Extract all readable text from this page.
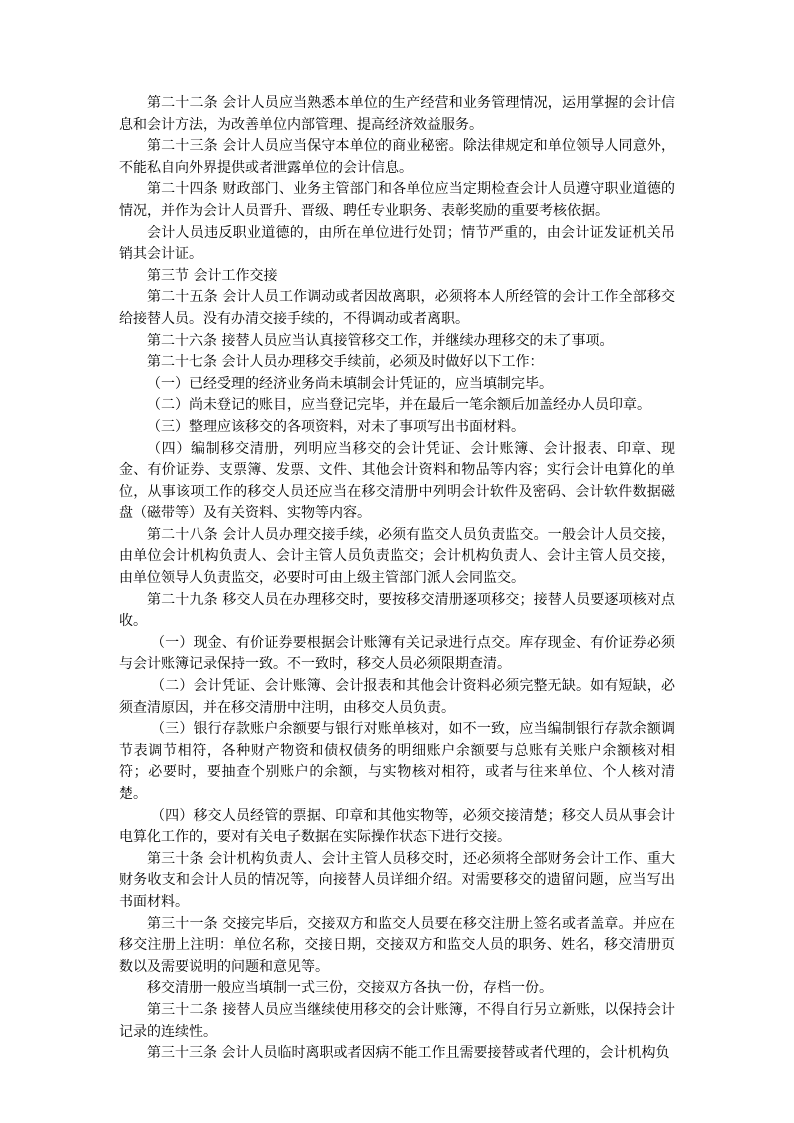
第二十二条 会计人员应当熟悉本单位的生产经营和业务管理情况，运用掌握的会计信息和会计方法，为改善单位内部管理、提高经济效益服务。

第二十三条 会计人员应当保守本单位的商业秘密。除法律规定和单位领导人同意外，不能私自向外界提供或者泄露单位的会计信息。

第二十四条 财政部门、业务主管部门和各单位应当定期检查会计人员遵守职业道德的情况，并作为会计人员晋升、晋级、聘任专业职务、表彰奖励的重要考核依据。

会计人员违反职业道德的，由所在单位进行处罚；情节严重的，由会计证发证机关吊销其会计证。

第三节 会计工作交接

第二十五条 会计人员工作调动或者因故离职，必须将本人所经管的会计工作全部移交给接替人员。没有办清交接手续的，不得调动或者离职。

第二十六条 接替人员应当认真接管移交工作，并继续办理移交的未了事项。

第二十七条 会计人员办理移交手续前，必须及时做好以下工作：

（一）已经受理的经济业务尚未填制会计凭证的，应当填制完毕。

（二）尚未登记的账目，应当登记完毕，并在最后一笔余额后加盖经办人员印章。

（三）整理应该移交的各项资料，对未了事项写出书面材料。

（四）编制移交清册，列明应当移交的会计凭证、会计账簿、会计报表、印章、现金、有价证券、支票簿、发票、文件、其他会计资料和物品等内容；实行会计电算化的单位，从事该项工作的移交人员还应当在移交清册中列明会计软件及密码、会计软件数据磁盘（磁带等）及有关资料、实物等内容。

第二十八条 会计人员办理交接手续，必须有监交人员负责监交。一般会计人员交接，由单位会计机构负责人、会计主管人员负责监交；会计机构负责人、会计主管人员交接，由单位领导人负责监交，必要时可由上级主管部门派人会同监交。

第二十九条 移交人员在办理移交时，要按移交清册逐项移交；接替人员要逐项核对点收。

（一）现金、有价证券要根据会计账簿有关记录进行点交。库存现金、有价证券必须与会计账簿记录保持一致。不一致时，移交人员必须限期查清。

（二）会计凭证、会计账簿、会计报表和其他会计资料必须完整无缺。如有短缺，必须查清原因，并在移交清册中注明，由移交人员负责。

（三）银行存款账户余额要与银行对账单核对，如不一致，应当编制银行存款余额调节表调节相符，各种财产物资和债权债务的明细账户余额要与总账有关账户余额核对相符；必要时，要抽查个别账户的余额，与实物核对相符，或者与往来单位、个人核对清楚。

（四）移交人员经管的票据、印章和其他实物等，必须交接清楚；移交人员从事会计电算化工作的，要对有关电子数据在实际操作状态下进行交接。

第三十条 会计机构负责人、会计主管人员移交时，还必须将全部财务会计工作、重大财务收支和会计人员的情况等，向接替人员详细介绍。对需要移交的遗留问题，应当写出书面材料。

第三十一条 交接完毕后，交接双方和监交人员要在移交注册上签名或者盖章。并应在移交注册上注明：单位名称，交接日期，交接双方和监交人员的职务、姓名，移交清册页数以及需要说明的问题和意见等。

移交清册一般应当填制一式三份，交接双方各执一份，存档一份。

第三十二条 接替人员应当继续使用移交的会计账簿，不得自行另立新账，以保持会计记录的连续性。

第三十三条 会计人员临时离职或者因病不能工作且需要接替或者代理的，会计机构负
